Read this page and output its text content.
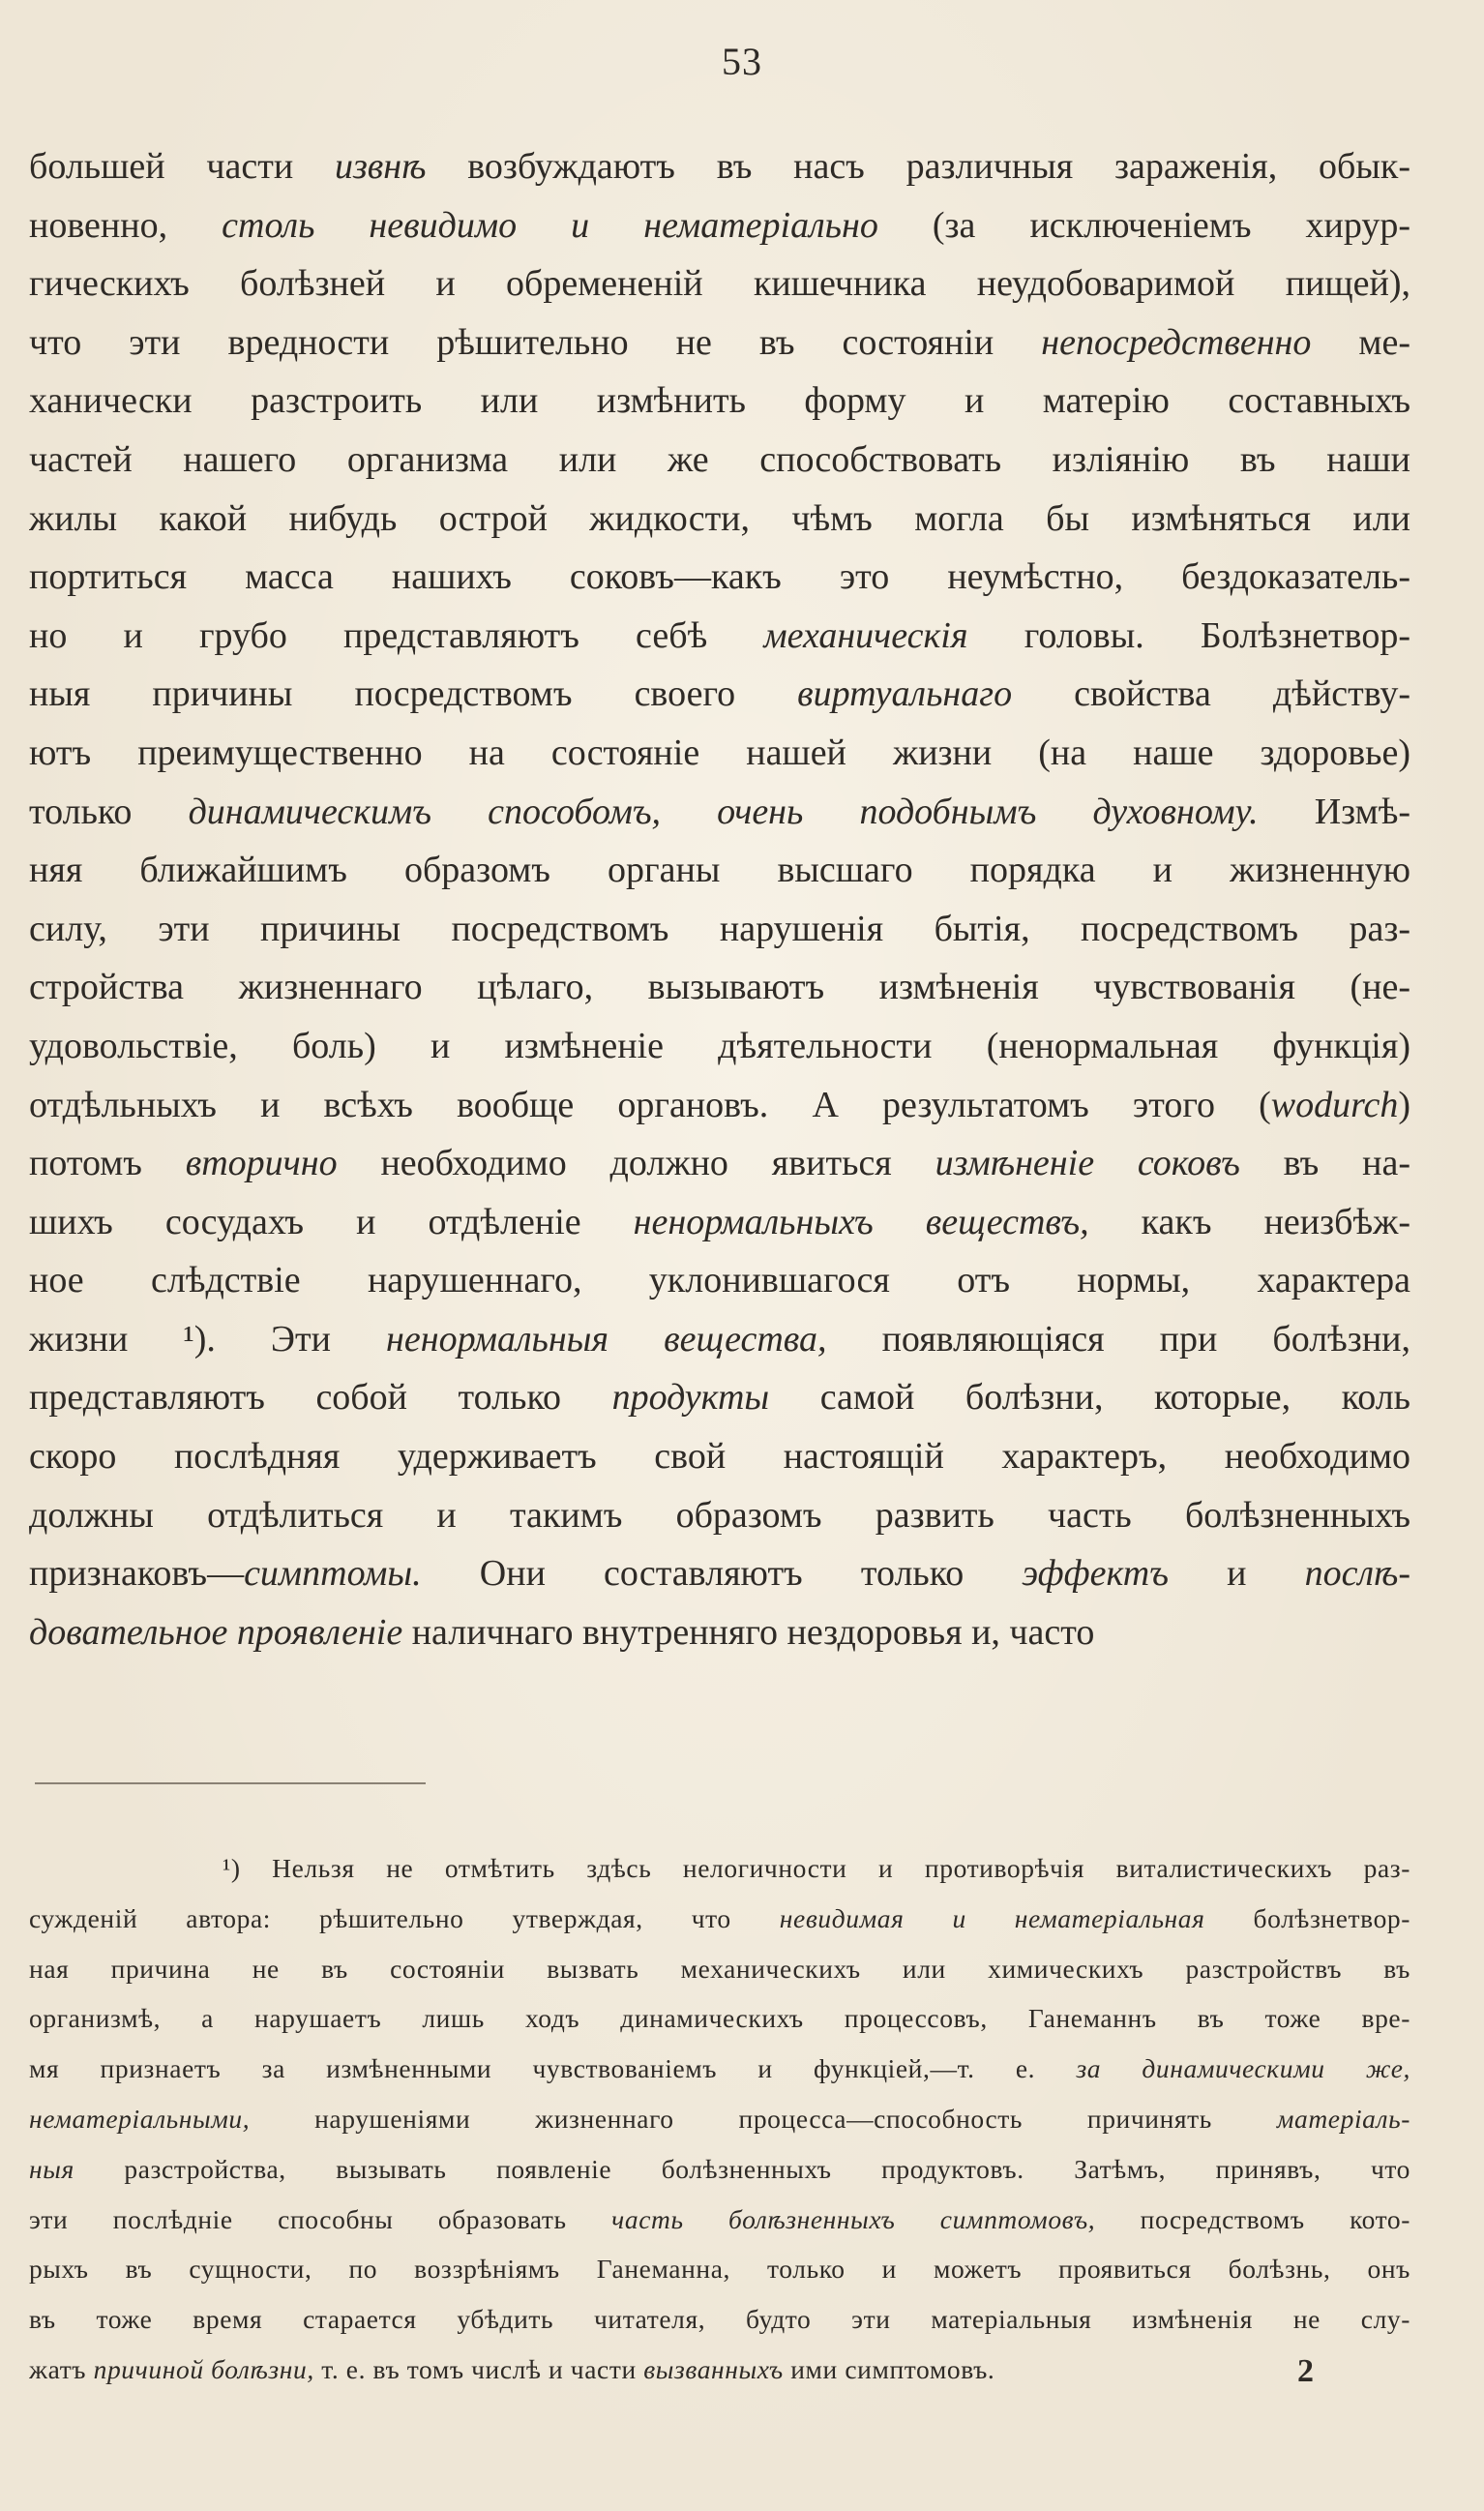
53
большей части извнѣ возбуждаютъ въ насъ различныя зараженія, обык-
новенно, столь невидимо и нематеріально (за исключеніемъ хирур-
гическихъ болѣзней и обремененій кишечника неудобоваримой пищей),
что эти вредности рѣшительно не въ состояніи непосредственно ме-
ханически разстроить или измѣнить форму и матерію составныхъ
частей нашего организма или же способствовать изліянію въ наши
жилы какой нибудь острой жидкости, чѣмъ могла бы измѣняться или
портиться масса нашихъ соковъ—какъ это неумѣстно, бездоказатель-
но и грубо представляютъ себѣ механическія головы. Болѣзнетвор-
ныя причины посредствомъ своего виртуальнаго свойства дѣйству-
ютъ преимущественно на состояніе нашей жизни (на наше здоровье)
только динамическимъ способомъ, очень подобнымъ духовному. Измѣ-
няя ближайшимъ образомъ органы высшаго порядка и жизненную
силу, эти причины посредствомъ нарушенія бытія, посредствомъ раз-
стройства жизненнаго цѣлаго, вызываютъ измѣненія чувствованія (не-
удовольствіе, боль) и измѣненіе дѣятельности (ненормальная функція)
отдѣльныхъ и всѣхъ вообще органовъ. А результатомъ этого (wodurch)
потомъ вторично необходимо должно явиться измѣненіе соковъ въ на-
шихъ сосудахъ и отдѣленіе ненормальныхъ веществъ, какъ неизбѣж-
ное слѣдствіе нарушеннаго, уклонившагося отъ нормы, характера
жизни ¹). Эти ненормальныя вещества, появляющіяся при болѣзни,
представляютъ собой только продукты самой болѣзни, которые, коль
скоро послѣдняя удерживаетъ свой настоящій характеръ, необходимо
должны отдѣлиться и такимъ образомъ развить часть болѣзненныхъ
признаковъ—симптомы. Они составляютъ только эффектъ и послѣ-
довательное проявленіе наличнаго внутренняго нездоровья и, часто
¹) Нельзя не отмѣтить здѣсь нелогичности и противорѣчія виталистическихъ раз-
сужденій автора: рѣшительно утверждая, что невидимая и нематеріальная болѣзнетвор-
ная причина не въ состояніи вызвать механическихъ или химическихъ разстройствъ въ
организмѣ, а нарушаетъ лишь ходъ динамическихъ процессовъ, Ганеманнъ въ тоже вре-
мя признаетъ за измѣненными чувствованіемъ и функціей,—т. е. за динамическими же,
нематеріальными, нарушеніями жизненнаго процесса—способность причинять матеріаль-
ныя разстройства, вызывать появленіе болѣзненныхъ продуктовъ. Затѣмъ, принявъ, что
эти послѣдніе способны образовать часть болѣзненныхъ симптомовъ, посредствомъ кото-
рыхъ въ сущности, по воззрѣніямъ Ганеманна, только и можетъ проявиться болѣзнь, онъ
въ тоже время старается убѣдить читателя, будто эти матеріальныя измѣненія не слу-
жатъ причиной болѣзни, т. е. въ томъ числѣ и части вызванныхъ ими симптомовъ.	2
